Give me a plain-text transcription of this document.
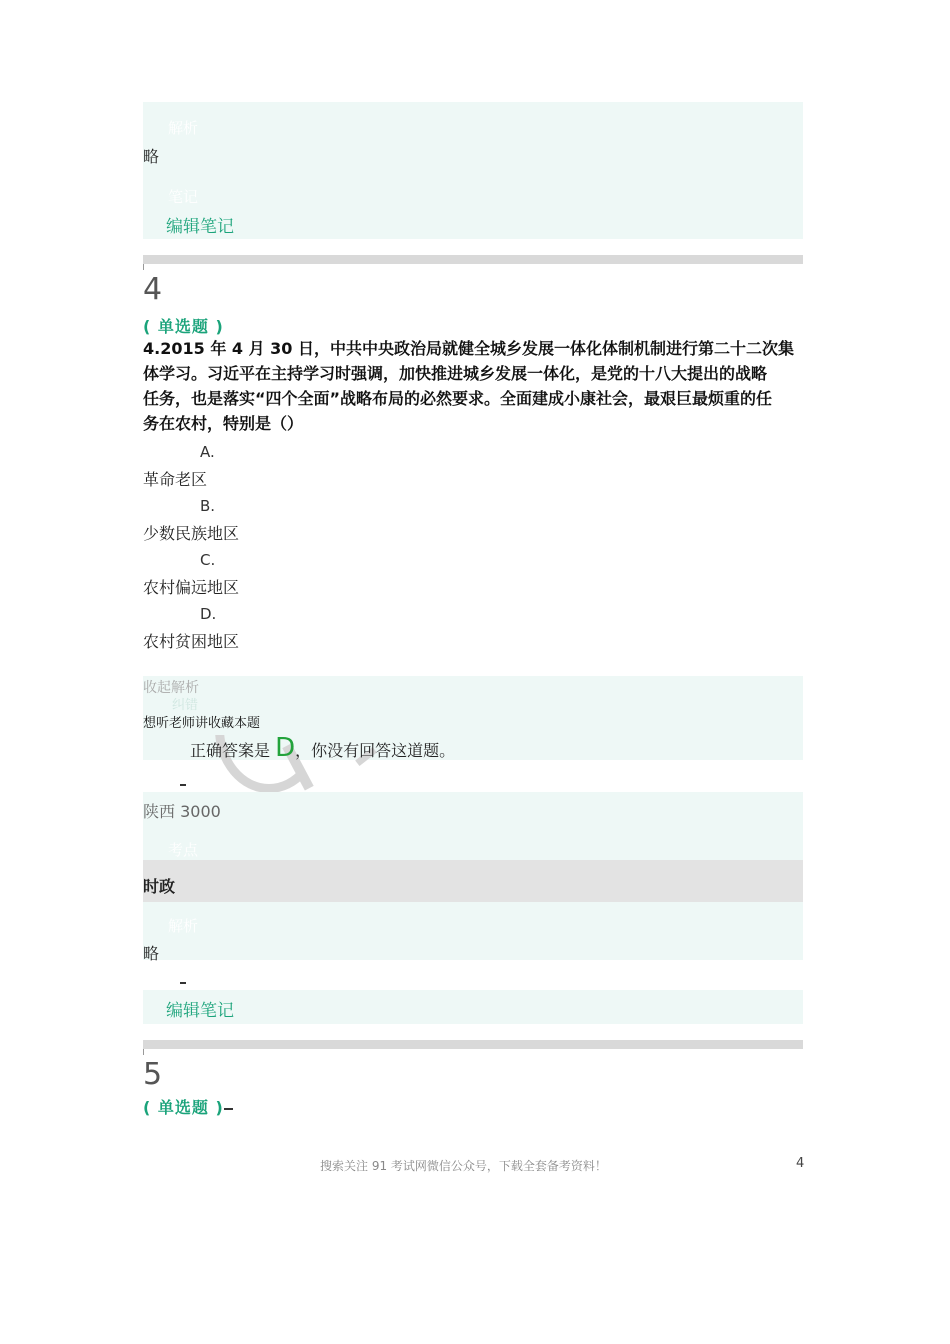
解析
略
笔记
编辑笔记
4
( 单选题 )
4.2015 年 4 月 30 日，中共中央政治局就健全城乡发展一体化体制机制进行第二十二次集
体学习。习近平在主持学习时强调，加快推进城乡发展一体化，是党的十八大提出的战略
任务，也是落实“四个全面”战略布局的必然要求。全面建成小康社会，最艰巨最烦重的任
务在农村，特别是（）
A.
革命老区
B.
少数民族地区
C.
农村偏远地区
D.
农村贫困地区
收起解析
纠错
想听老师讲收藏本题
正确答案是 D，你没有回答这道题。
陕西 3000
考点
时政
解析
略
编辑笔记
5
( 单选题 )
搜索关注 91 考试网微信公众号，下载全套备考资料！	4
